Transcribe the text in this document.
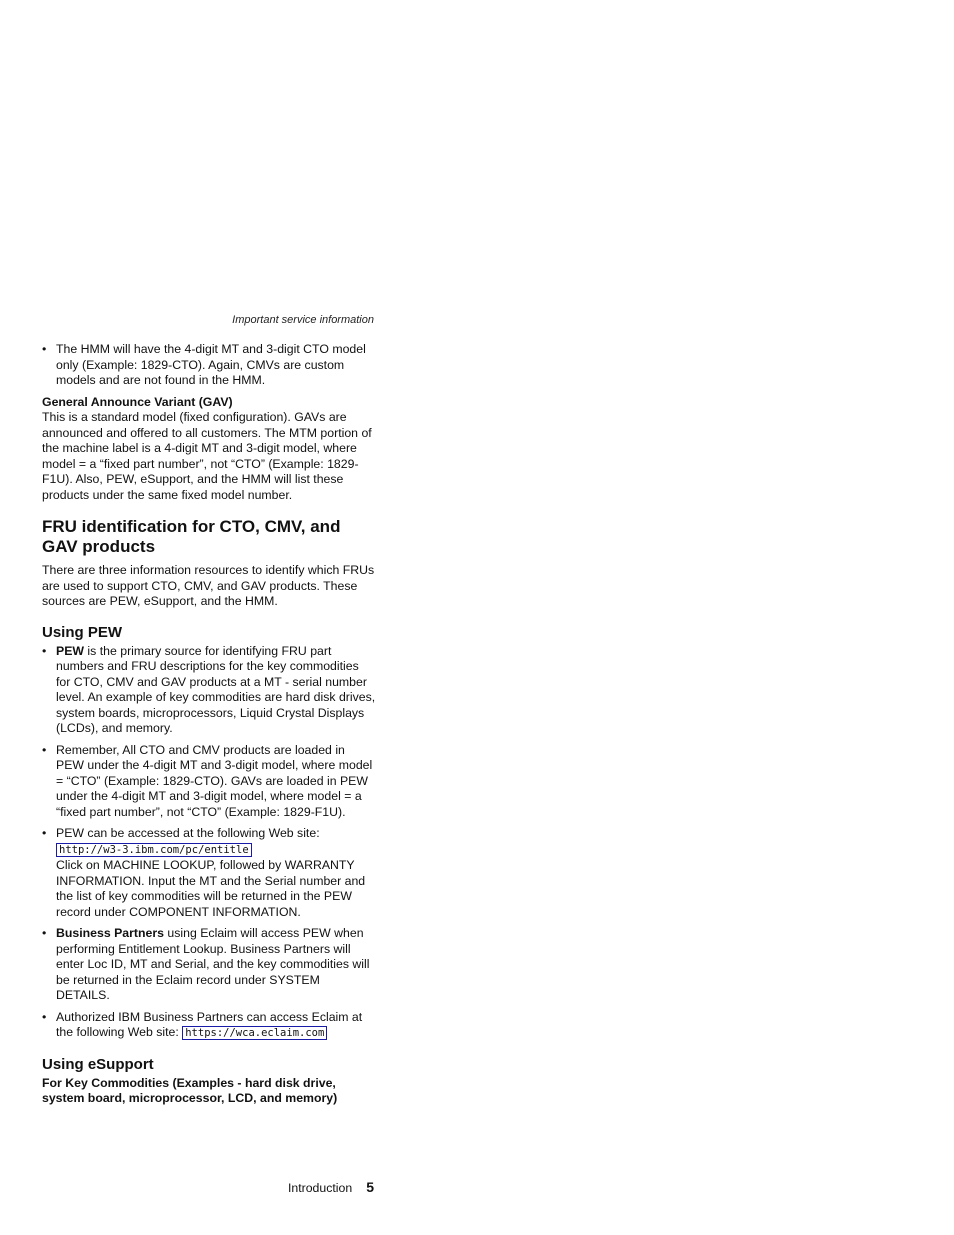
Important service information
• The HMM will have the 4-digit MT and 3-digit CTO model only (Example: 1829-CTO). Again, CMVs are custom models and are not found in the HMM.

General Announce Variant (GAV)

This is a standard model (fixed configuration). GAVs are announced and offered to all customers. The MTM portion of the machine label is a 4-digit MT and 3-digit model, where model = a “fixed part number”, not “CTO” (Example: 1829-F1U). Also, PEW, eSupport, and the HMM will list these products under the same fixed model number.

FRU identification for CTO, CMV, and GAV products

There are three information resources to identify which FRUs are used to support CTO, CMV, and GAV products. These sources are PEW, eSupport, and the HMM.

Using PEW
• PEW is the primary source for identifying FRU part numbers and FRU descriptions for the key commodities for CTO, CMV and GAV products at a MT - serial number level. An example of key commodities are hard disk drives, system boards, microprocessors, Liquid Crystal Displays (LCDs), and memory.
• Remember, All CTO and CMV products are loaded in PEW under the 4-digit MT and 3-digit model, where model = “CTO” (Example: 1829-CTO). GAVs are loaded in PEW under the 4-digit MT and 3-digit model, where model = a “fixed part number”, not “CTO” (Example: 1829-F1U).
• PEW can be accessed at the following Web site:
http://w3-3.ibm.com/pc/entitle
Click on MACHINE LOOKUP, followed by WARRANTY INFORMATION. Input the MT and the Serial number and the list of key commodities will be returned in the PEW record under COMPONENT INFORMATION.
• Business Partners using Eclaim will access PEW when performing Entitlement Lookup. Business Partners will enter Loc ID, MT and Serial, and the key commodities will be returned in the Eclaim record under SYSTEM DETAILS.
• Authorized IBM Business Partners can access Eclaim at the following Web site: https://wca.eclaim.com
Using eSupport

For Key Commodities (Examples - hard disk drive, system board, microprocessor, LCD, and memory)

Introduction 5
